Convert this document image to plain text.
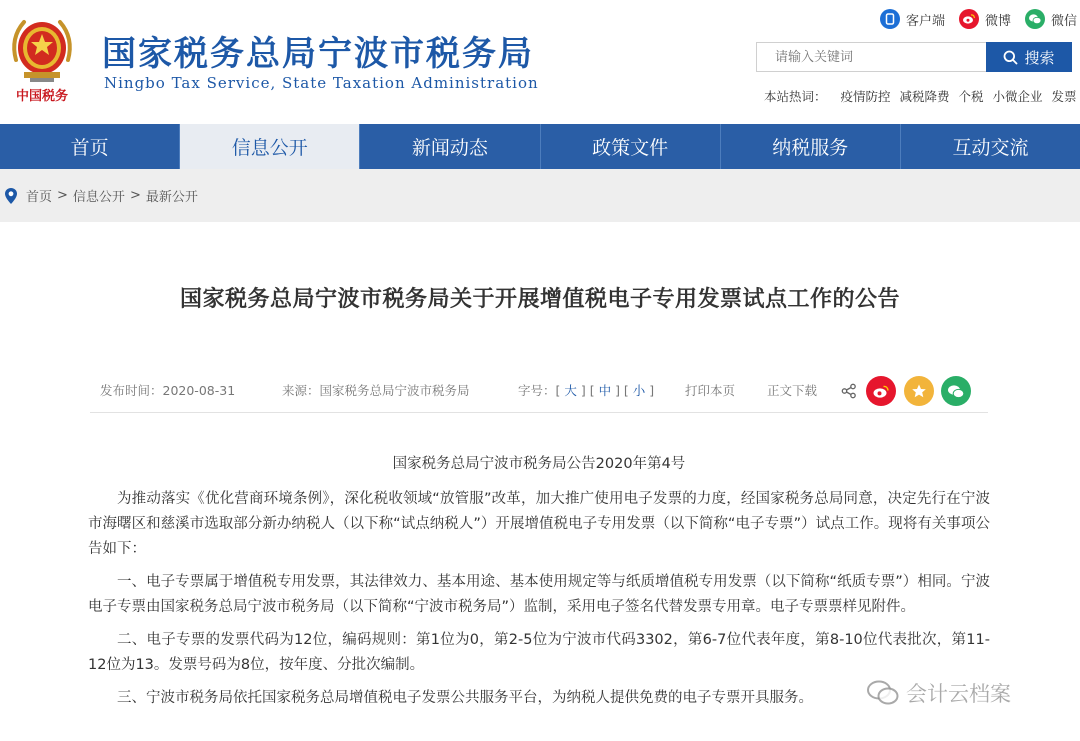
中国税务
国家税务总局宁波市税务局
Ningbo Tax Service, State Taxation Administration
客户端	微博	微信
请输入关键词
搜索
本站热词： 疫情防控 减税降费 个税 小微企业 发票
首页	信息公开	新闻动态	政策文件	纳税服务	互动交流
首页 > 信息公开 > 最新公开
国家税务总局宁波市税务局关于开展增值税电子专用发票试点工作的公告
发布时间：2020-08-31	来源：国家税务总局宁波市税务局	字号：[ 大 ] [ 中 ] [ 小 ] 打印本页	正文下载

国家税务总局宁波市税务局公告2020年第4号

为推动落实《优化营商环境条例》，深化税收领域“放管服”改革，加大推广使用电子发票的力度，经国家税务总局同意，决定先行在宁波市海曙区和慈溪市选取部分新办纳税人（以下称“试点纳税人”）开展增值税电子专用发票（以下简称“电子专票”）试点工作。现将有关事项公告如下：

一、电子专票属于增值税专用发票，其法律效力、基本用途、基本使用规定等与纸质增值税专用发票（以下简称“纸质专票”）相同。宁波电子专票由国家税务总局宁波市税务局（以下简称“宁波市税务局”）监制，采用电子签名代替发票专用章。电子专票票样见附件。

二、电子专票的发票代码为12位，编码规则：第1位为0，第2-5位为宁波市代码3302，第6-7位代表年度，第8-10位代表批次，第11-12位为13。发票号码为8位，按年度、分批次编制。

三、宁波市税务局依托国家税务总局增值税电子发票公共服务平台，为纳税人提供免费的电子专票开具服务。	会计云档案
